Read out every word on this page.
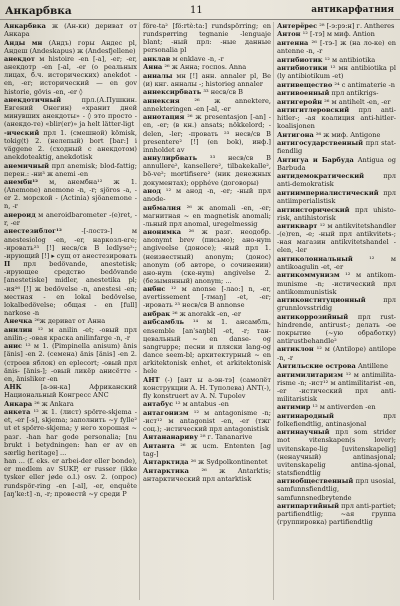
Анкарбвка	11	антикарфатния
Анкарбвка ж (Ан-ки) дериват от Анкара
Анды мн (Андъ) горы Андес pl, Андеш (Andeskapus) ж (Andesfjellene)
анекдот м histoire -en [-a], -er; -er, анекдотр -en [-al, -er (о реальных лицах, б.ч. исторических) anekdot -en, -er; исторический — en gov historie, gövis -en, -er ◊
анекдотичный	прл.(А.Пушкин. Евгений Онегин) «хранит дней минувших анекдоты» - ◊ это просто - (анекдо-те) «blir(er)» ja helt lätter-ligt
-ический прл 1. (смешной) kömisk, tokig(t) 2. (нелепый) bort [bar:] i väggene 2. (сходный с анекдотом) anekdoteaktig, anekdotisk
анемичный прл anemisk; blod-fattig; перен.: -ни³ ж anemi -en
анембн¹² м, анембна¹² ж 1. (Anemone) anemone -n, -r; sjöros -a, -er 2. морской - (Actinia) sjöanemone -n, -r
анероид м aneroidbarometer -(e)ret, -r, -er
анестезиблог¹²	-[-лостэ-] м anestesiolog -en, -er, наркозл-еге; -ировать²³ [!] несв/св B ledlyse²·; -ирующий [!] ▸ сущ от анестезировать
П прл bedövande, anestetisk; -ирующее средство bedövande [anestetiske] midler, anestetika pl; -ия²⁶ [!] ж bedövelse -n, anestesi -en; местная - en lokal bedövelse, lokalbedövelse; общая - en [full] narkose -n
Анечка ²⁶ж дериват от Анна
анилин ¹² м anilin -et; -овый прл anilin-; -овая краска anilinfarge -n, -r
анис ¹² м 1. (Pimpinella anisum) änis [änis] -en 2. (семена) änis [änis] -en 2. (строев яблок) en epleсort; -овый прл änis- [änis-]; -овый ликёр анисётте -en, änisliker -en
АНК	[а-эн-ка] Африканский Национальный Конгресс ANC
Анкара ²⁶ ж Ankara
анкета ¹² ж 1. (лист) spörre-skjema -et, -er [-s], skjema; заполнить ~у fylle² ut et spörre-skjema; у него хорошая ~ разг. -han har gode personalia; [nu brukt i betydningen: han er av en særlig heritage] ...
han ... (f. eks. er arbei-der eller bonde), er medlem av SUKP, er russer (ikke tysker eller jøde o.l.) osv. 2. (опрос) rundspör-ring -en [-al], -er, enquête [aŋ'ke:t] -n, -r; провестй ~у среди Р
före-ta² [fö:rtè:ta:] rundspörring; en rundspørring tegnanie -lenguaje blant; -ный прл: -ные данные personalia pl
анклав м enklave -n, -r
Анна ²⁶ ж Анна; госпоs. Anna
анналы мн [!] анн. annaler pl, Be (и) кнг. анналы -; historieg annaler
аннексирбвать ³³ несв/св B
аннексия ²⁶ ж annektere, annekteringen -en [-al, -er
аннотация ²⁶ ж presentasjon [-an] -en, -er; (в кн.) ansats; nökkelord; -delen, -ler; -провать ²³ несв/св B presentere² [!] (en bok), инф.] innholdet av
аннулирбвать ³³ несв/св B annullere², kansellere², tilbakekalle², bö-ve²; mortifisere² (ник денежных документах); opphéve (договоры)
анод ¹² м анод -n, -er; -ный прл anode-
анбмалия ²⁶ ж anomali -en, -er; магнитная ~ en magnetisk anomali; -льный прл anomal, uregelmessig
анонимка ²⁶ ж разг. неодобр. anonymt brev (письмо); ано-нym angiveelse (доносе); -ный прл 1. (неизвестный) anonym; (донос) anonym (об авторе, о сочинении) ано-нym (ске-нym) angivelse 2. (безымянный) anonym; ...
анбнс ¹² м anonse [-лао:] n, -er, avertissement [-тмаŋ] -et, -er; -ировать ²³ несв/св B annonse
анбрак ²⁶ ж anorakk -en, -er
анбсамбль ¹⁴ м 1. ансамбль, ensemble [anˈsaŋbl] -et, -r; тан-цевальный ~ en danse- og sangruppe; песни и пляски lang-og dance seem-bl; архитектурный ~ en arkitektonisk enhet, et arkitektonisk hele
АНТ (-) [ант ы а-эн-тэ] (самолёт конструкции А. Н. Туполева) ANT(-), fly konstruert av A. N. Tupolev
антабус ¹² м antabus -en
антагонизм ¹² м antagonisme -n; -ист¹² м antagonist -en, -er (тжг соц.); -истический прл antagonistisk
Антананариву ²⁸ г. Tananarive
Антанта ²⁶ ж ucm. Ententen [ag tag-]
Антарктида ²⁶ ж Sydpolkontinentet
Антарктика ²⁶ ж Antarktis; антарктический прл antarktisk
Антерёрес ²⁸ [-э:рэ:н] г. Antheres
Антон ¹² [-тэ] м миф. Antion
антенна ²⁶ [-тэ-] ж (на ло-ке) en antenne -n, -r
антибиотик ¹² м antibiotika
антибиотики ¹² мн antibiotika pl (ly antibiotikum -et)
антивещество ²⁴ с antimaterie -n
антивоенный прл antikrigs-
антигеройн ²⁶ м antihelt -en, -er
антигитлеровский прл anti-hitler-; -ая коалиция anti-hitler-koalisjonen
Антигона ²⁶ ж миф. Antigone
антигосударственный прл stat-fiendlig
Антигуа и Барбуда Antigua og Barbuda
антидемократический	прл anti-demokratisk
антиимпериалистический прл antiimperialistisk
антиисторический прл uhisto-risk, antihistorisk
антикварт ¹² м antikvitetshandler -(e)ren, -e; -ный прл antikvitets-; -ная магазин antikvitetshandel -elen, -ler
антиколониальный ¹² м antikoagulin -et, -er
антикоммунизм ¹² м antikom-munisme -n; -истический прл antikommunistisk
антиконституционный	прл grunnlovsstridig
антикоррозийный прл rust-hindrende, antirust-; делать -ое покрытие (~ую обработку) antirustbehandle²
антиклон ¹² м (Antilope) antilope -n, -r
Антильские острова Antillene
антимилитаризм ¹² м antimilita-risme -n; -ист¹² м antimilitarist -en, -er -истический прл anti-militaristisk
антимир ¹² м antiverden -en
антинародный	прл folkefiendtlig, antinasjonal
антинаучный прл som strider mot vitenskapen(s lover); uvitenskape-lig [uvitenskapelig] (ненаучный) antinasjonal; uvitenskapelig antina-sjonal, statsfiendtlig
антиобщественный прл usosial, samfunnsfiendtlig, samfunnsnedbrytende
антипартийный прл anti-partiet; partifiendtlig; ~ая группа (группировка) partifiendtlig
